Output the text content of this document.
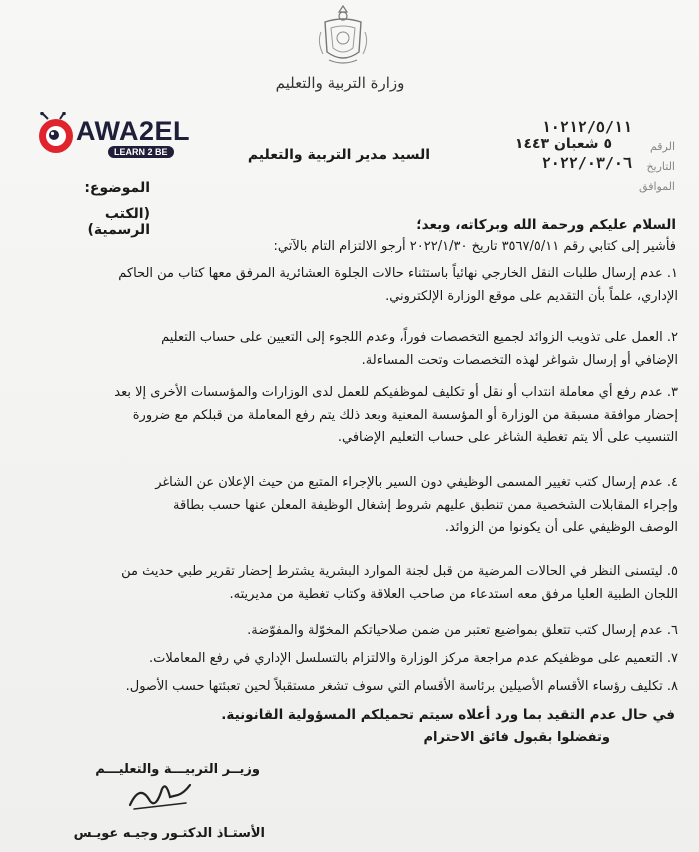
وزارة التربية والتعليم
AWA2EL
LEARN 2 BE	الرقم
١٠٢١٢/٥/١١
٥ شعبان ١٤٤٣
التاريخ
٢٠٢٢/٠٣/٠٦
الموافق
السيد مدير التربية والتعليم
الموضوع:
(الكتب الرسمية)	السلام عليكم ورحمة الله وبركاته، وبعد؛
فأشير إلى كتابي رقم ٣٥٦٧/٥/١١ تاريخ ٢٠٢٢/١/٣٠ أرجو الالتزام التام بالآتي:
١. عدم إرسال طلبات النقل الخارجي نهائياً باستثناء حالات الجلوة العشائرية المرفق معها كتاب من الحاكم
الإداري، علماً بأن التقديم على موقع الوزارة الإلكتروني.
٢. العمل على تذويب الزوائد لجميع التخصصات فوراً، وعدم اللجوء إلى التعيين على حساب التعليم
الإضافي أو إرسال شواغر لهذه التخصصات وتحت المساءلة.
٣. عدم رفع أي معاملة انتداب أو نقل أو تكليف لموظفيكم للعمل لدى الوزارات والمؤسسات الأخرى إلا بعد
إحضار موافقة مسبقة من الوزارة أو المؤسسة المعنية وبعد ذلك يتم رفع المعاملة من قبلكم مع ضرورة
التنسيب على ألا يتم تغطية الشاغر على حساب التعليم الإضافي.
٤. عدم إرسال كتب تغيير المسمى الوظيفي دون السير بالإجراء المتبع من حيث الإعلان عن الشاغر
وإجراء المقابلات الشخصية ممن تنطبق عليهم شروط إشغال الوظيفة المعلن عنها حسب بطاقة
الوصف الوظيفي على أن يكونوا من الزوائد.
٥. ليتسنى النظر في الحالات المرضية من قبل لجنة الموارد البشرية يشترط إحضار تقرير طبي حديث من
اللجان الطبية العليا مرفق معه استدعاء من صاحب العلاقة وكتاب تغطية من مديريته.
٦. عدم إرسال كتب تتعلق بمواضيع تعتبر من ضمن صلاحياتكم المخوّلة والمفوّضة.
٧. التعميم على موظفيكم عدم مراجعة مركز الوزارة والالتزام بالتسلسل الإداري في رفع المعاملات.
٨. تكليف رؤساء الأقسام الأصيلين برئاسة الأقسام التي سوف تشغر مستقبلاً لحين تعبئتها حسب الأصول.
في حال عدم التقيد بما ورد أعلاه سيتم تحميلكم المسؤولية القانونية.
وتفضلوا بقبول فائق الاحترام
وزيــر التربيـــة والتعليـــم
الأستـاذ الدكتـور وجيـه عويـس
